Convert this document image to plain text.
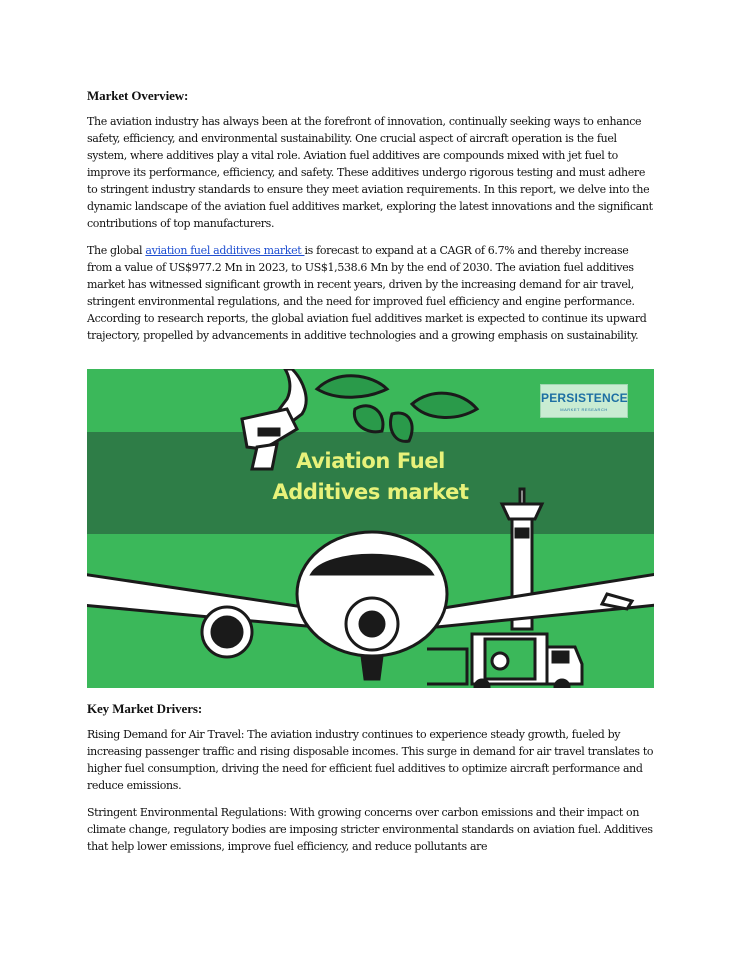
Market Overview:

The aviation industry has always been at the forefront of innovation, continually seeking ways to enhance safety, efficiency, and environmental sustainability. One crucial aspect of aircraft operation is the fuel system, where additives play a vital role. Aviation fuel additives are compounds mixed with jet fuel to improve its performance, efficiency, and safety. These additives undergo rigorous testing and must adhere to stringent industry standards to ensure they meet aviation requirements. In this report, we delve into the dynamic landscape of the aviation fuel additives market, exploring the latest innovations and the significant contributions of top manufacturers.

The global aviation fuel additives market is forecast to expand at a CAGR of 6.7% and thereby increase from a value of US$977.2 Mn in 2023, to US$1,538.6 Mn by the end of 2030. The aviation fuel additives market has witnessed significant growth in recent years, driven by the increasing demand for air travel, stringent environmental regulations, and the need for improved fuel efficiency and engine performance. According to research reports, the global aviation fuel additives market is expected to continue its upward trajectory, propelled by advancements in additive technologies and a growing emphasis on sustainability.

Aviation Fuel
Additives market
PERSISTENCE
MARKET RESEARCH
Key Market Drivers:

Rising Demand for Air Travel: The aviation industry continues to experience steady growth, fueled by increasing passenger traffic and rising disposable incomes. This surge in demand for air travel translates to higher fuel consumption, driving the need for efficient fuel additives to optimize aircraft performance and reduce emissions.

Stringent Environmental Regulations: With growing concerns over carbon emissions and their impact on climate change, regulatory bodies are imposing stricter environmental standards on aviation fuel. Additives that help lower emissions, improve fuel efficiency, and reduce pollutants are
